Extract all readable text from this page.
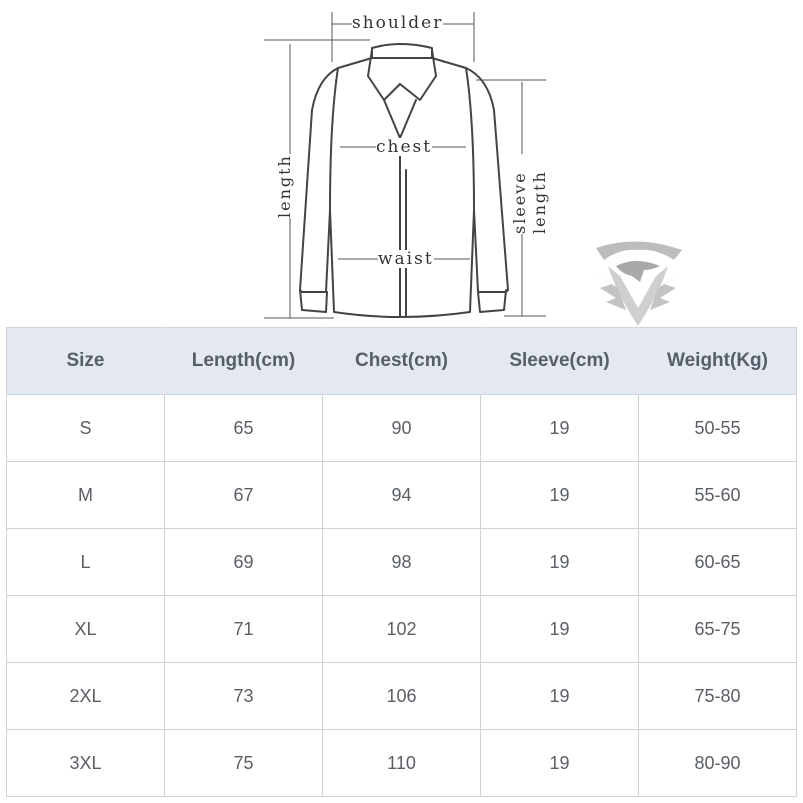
shoulder
chest
waist
length	sleeve length
Size	Length(cm)	Chest(cm)	Sleeve(cm)	Weight(Kg)
S	65	90	19	50-55
M	67	94	19	55-60
L	69	98	19	60-65
XL	71	102	19	65-75
2XL	73	106	19	75-80
3XL	75	110	19	80-90
